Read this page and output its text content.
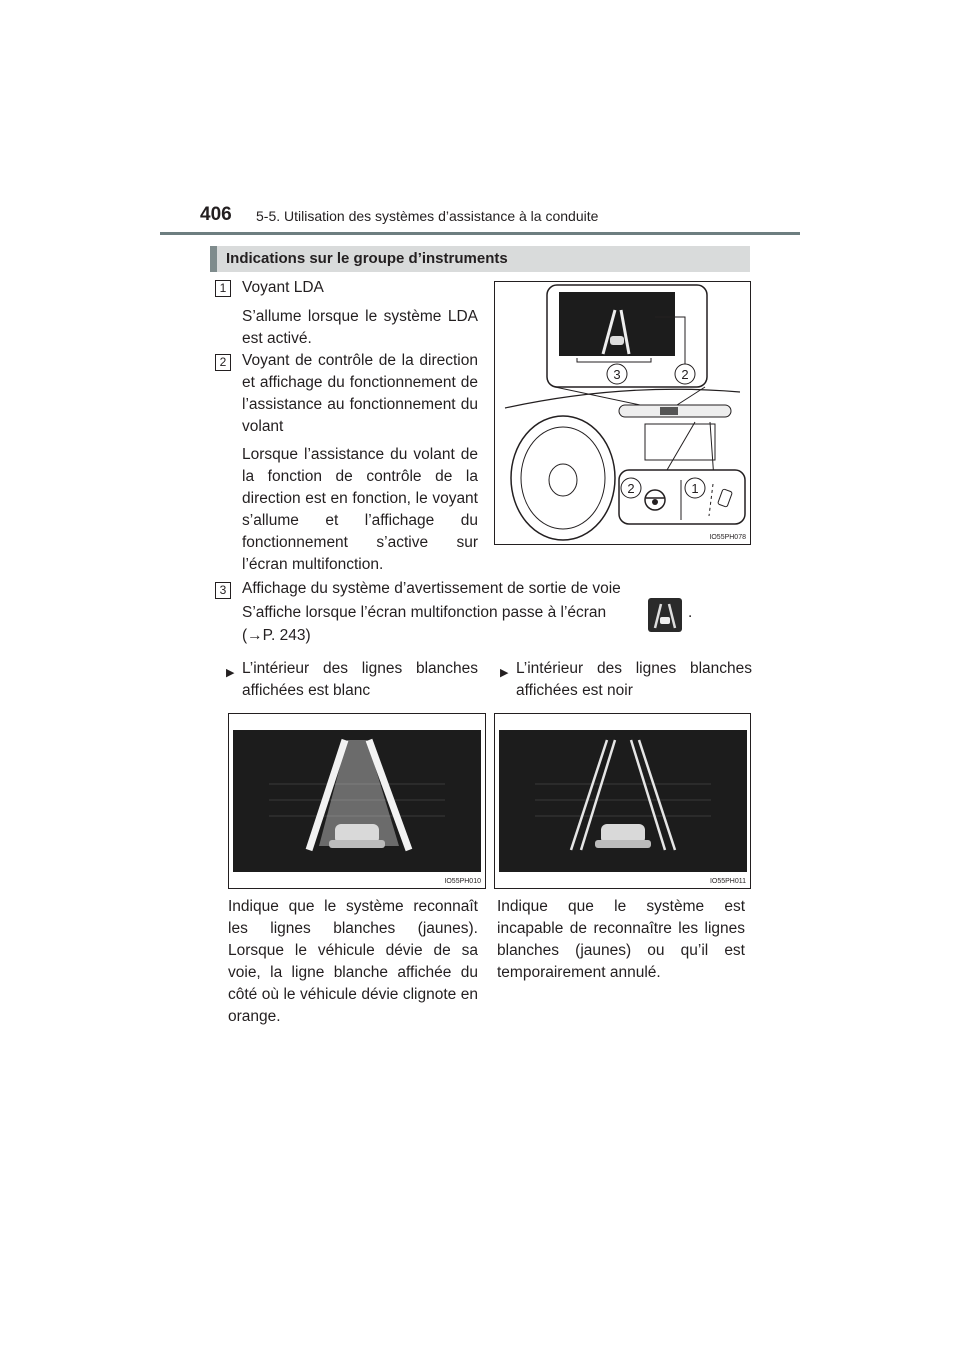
406 5-5. Utilisation des systèmes d’assistance à la conduite
Indications sur le groupe d’instruments
1	Voyant LDA
S’allume lorsque le système LDA est activé.
2	Voyant de contrôle de la direction et affichage du fonctionnement de l’assistance au fonctionnement du volant
Lorsque l’assistance du volant de la fonction de contrôle de la direction est en fonction, le voyant s’allume et l’affichage du fonctionnement s’active sur l’écran multifonction.
3	Affichage du système d’avertissement de sortie de voie
S’affiche lorsque l’écran multifonction passe à l’écran	.
(→P. 243)
3	2
2	1
IO55PH078
▶ L’intérieur des lignes blanches affichées est blanc
▶ L’intérieur des lignes blanches affichées est noir
IO55PH010	IO55PH011
Indique que le système reconnaît les lignes blanches (jaunes). Lorsque le véhicule dévie de sa voie, la ligne blanche affichée du côté où le véhicule dévie clignote en orange.
Indique que le système est incapable de reconnaître les lignes blanches (jaunes) ou qu’il est temporairement annulé.
